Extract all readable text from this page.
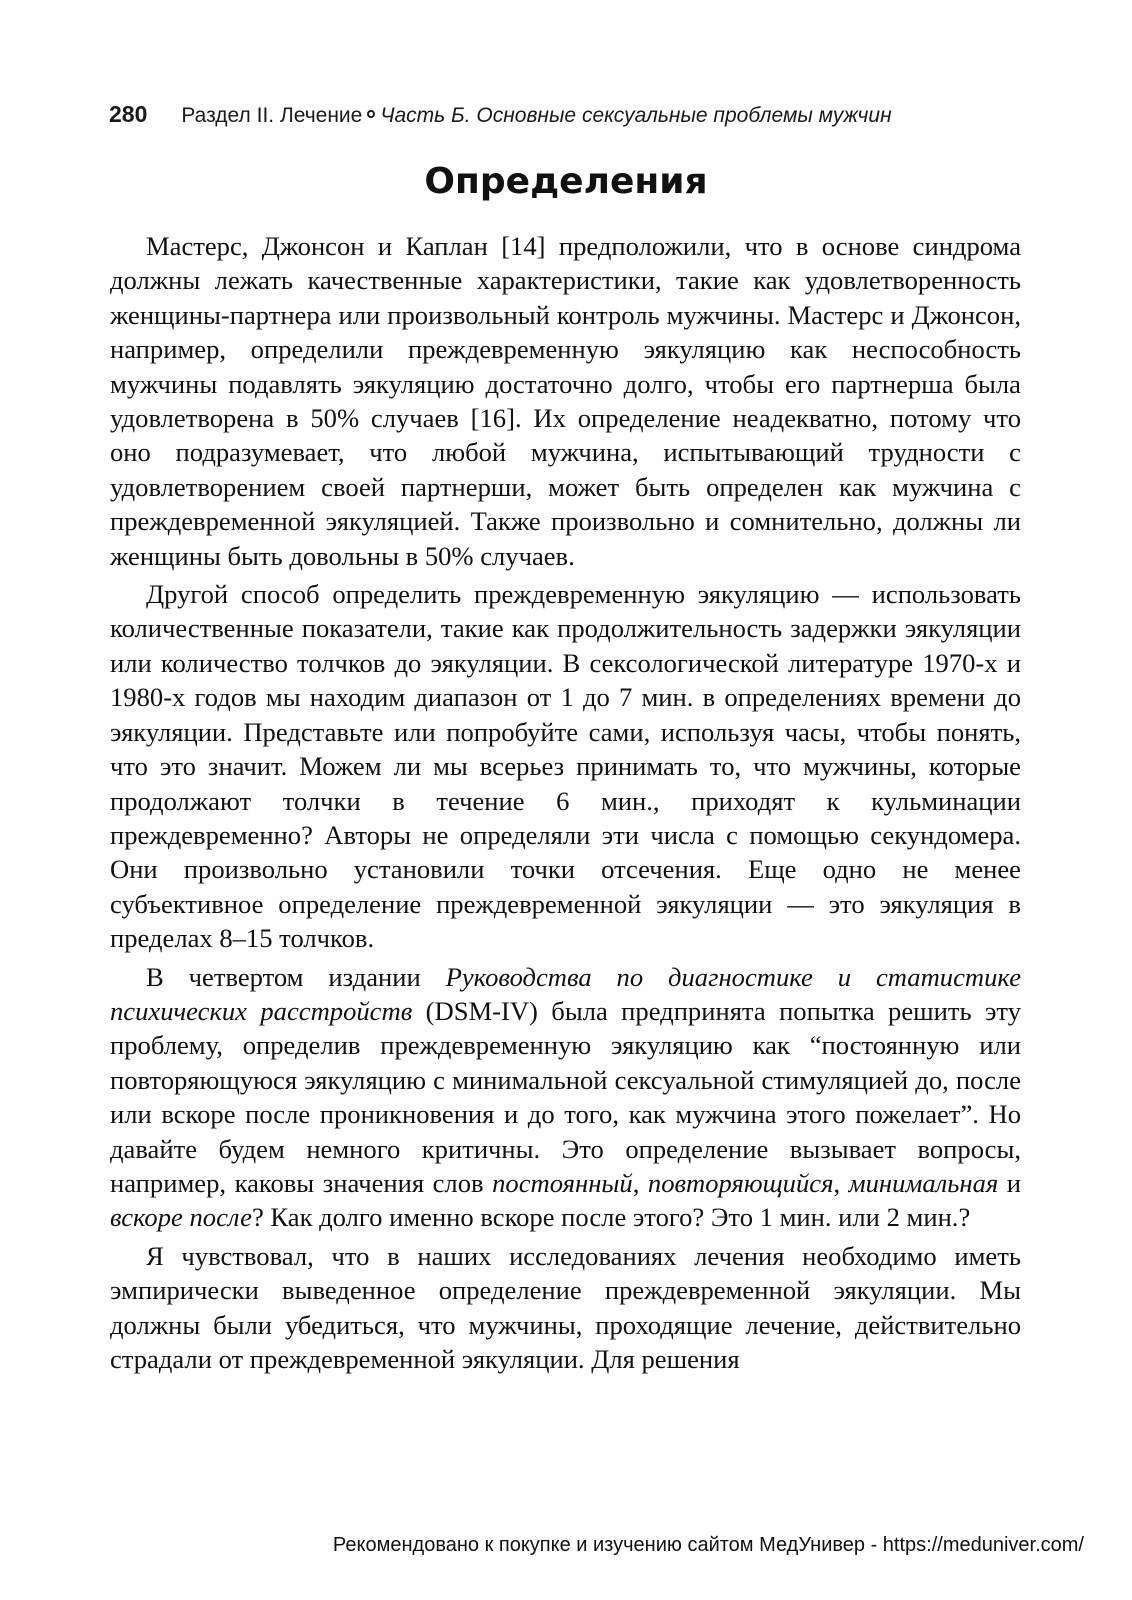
280 Раздел II. Лечение Часть Б. Основные сексуальные проблемы мужчин
Определения

Мастерс, Джонсон и Каплан [14] предположили, что в основе синдрома должны лежать качественные характеристики, такие как удовлетворенность женщины-партнера или произвольный контроль мужчины. Мастерс и Джонсон, например, определили преждевременную эякуляцию как неспособность мужчины подавлять эякуляцию достаточно долго, чтобы его партнерша была удовлетворена в 50% случаев [16]. Их определение неадекватно, потому что оно подразумевает, что любой мужчина, испытывающий трудности с удовлетворением своей партнерши, может быть определен как мужчина с преждевременной эякуляцией. Также произвольно и сомнительно, должны ли женщины быть довольны в 50% случаев.

Другой способ определить преждевременную эякуляцию — использовать количественные показатели, такие как продолжительность задержки эякуляции или количество толчков до эякуляции. В сексологической литературе 1970-х и 1980-х годов мы находим диапазон от 1 до 7 мин. в определениях времени до эякуляции. Представьте или попробуйте сами, используя часы, чтобы понять, что это значит. Можем ли мы всерьез принимать то, что мужчины, которые продолжают толчки в течение 6 мин., приходят к кульминации преждевременно? Авторы не определяли эти числа с помощью секундомера. Они произвольно установили точки отсечения. Еще одно не менее субъективное определение преждевременной эякуляции — это эякуляция в пределах 8–15 толчков.

В четвертом издании Руководства по диагностике и статистике психических расстройств (DSM-IV) была предпринята попытка решить эту проблему, определив преждевременную эякуляцию как “постоянную или повторяющуюся эякуляцию с минимальной сексуальной стимуляцией до, после или вскоре после проникновения и до того, как мужчина этого пожелает”. Но давайте будем немного критичны. Это определение вызывает вопросы, например, каковы значения слов постоянный, повторяющийся, минимальная и вскоре после? Как долго именно вскоре после этого? Это 1 мин. или 2 мин.?

Я чувствовал, что в наших исследованиях лечения необходимо иметь эмпирически выведенное определение преждевременной эякуляции. Мы должны были убедиться, что мужчины, проходящие лечение, действительно страдали от преждевременной эякуляции. Для решения

Рекомендовано к покупке и изучению сайтом МедУнивер - https://meduniver.com/
